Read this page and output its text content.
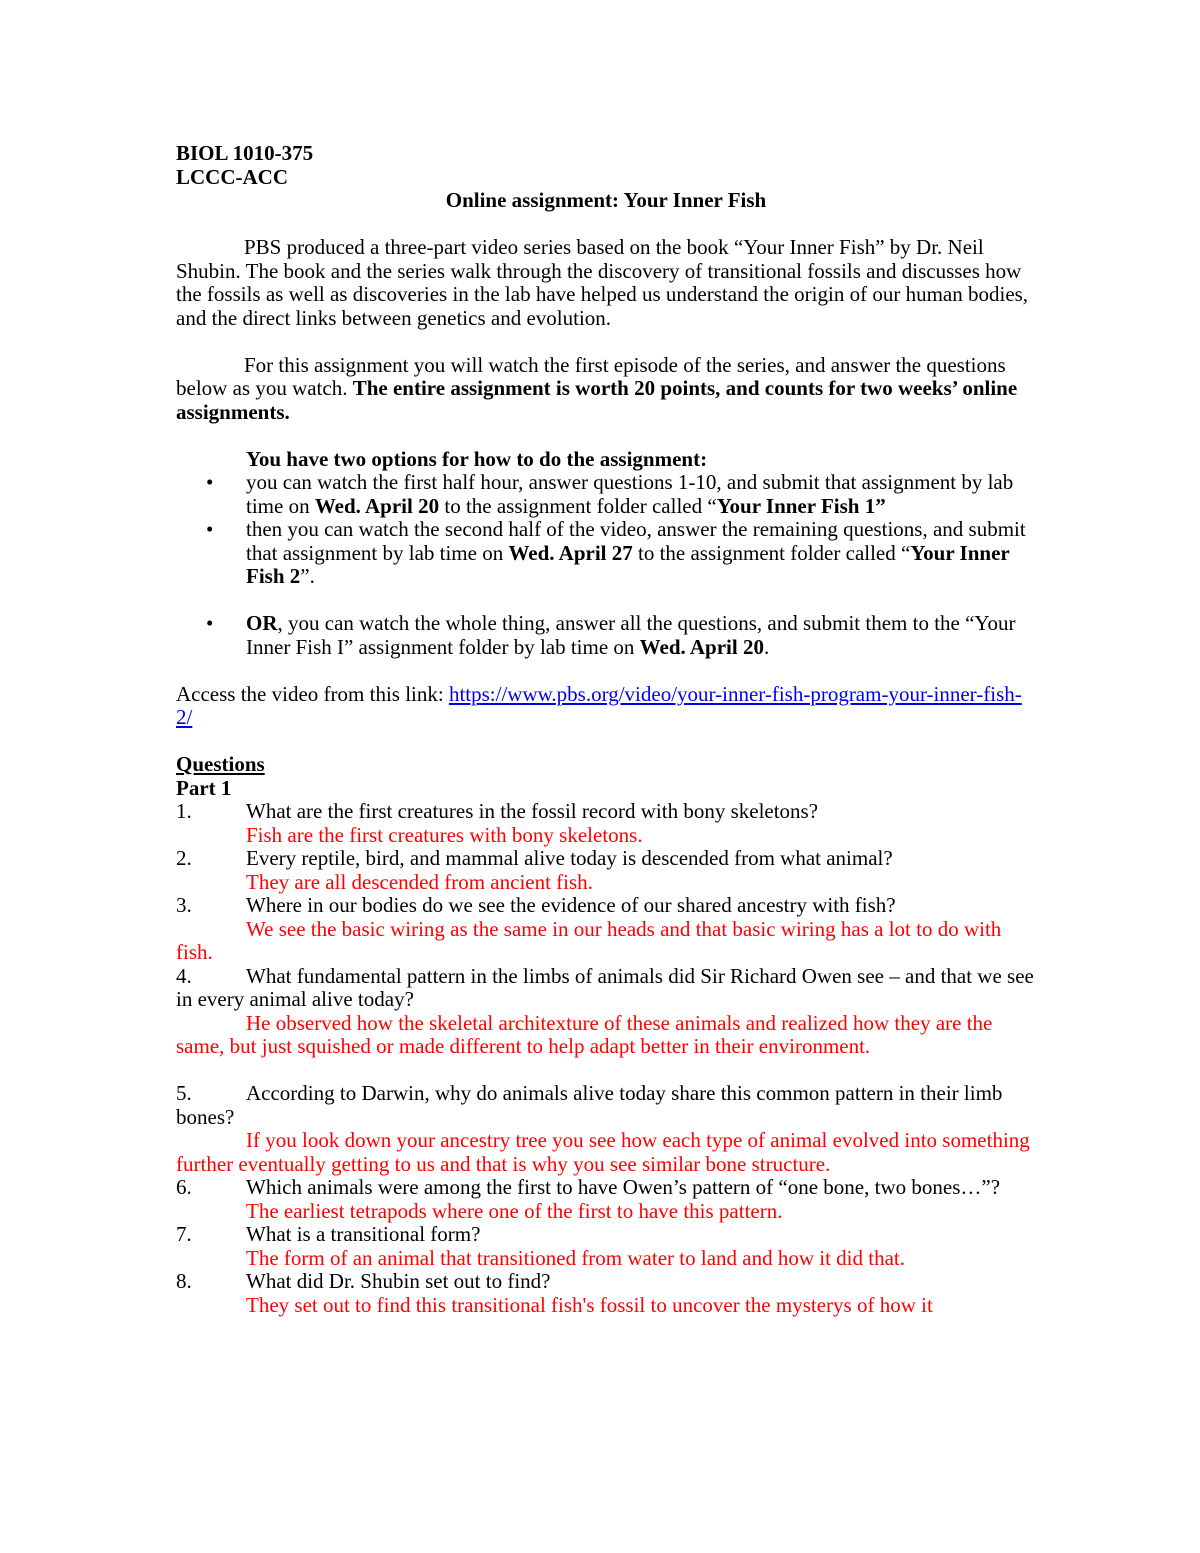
BIOL 1010-375

LCCC-ACC

Online assignment: Your Inner Fish

PBS produced a three-part video series based on the book “Your Inner Fish” by Dr. Neil Shubin. The book and the series walk through the discovery of transitional fossils and discusses how the fossils as well as discoveries in the lab have helped us understand the origin of our human bodies, and the direct links between genetics and evolution.

For this assignment you will watch the first episode of the series, and answer the questions below as you watch. The entire assignment is worth 20 points, and counts for two weeks’ online assignments.

You have two options for how to do the assignment:

• you can watch the first half hour, answer questions 1-10, and submit that assignment by lab time on Wed. April 20 to the assignment folder called “Your Inner Fish 1”
• then you can watch the second half of the video, answer the remaining questions, and submit that assignment by lab time on Wed. April 27 to the assignment folder called “Your Inner Fish 2”.
• OR, you can watch the whole thing, answer all the questions, and submit them to the “Your Inner Fish I” assignment folder by lab time on Wed. April 20.

Access the video from this link: https://www.pbs.org/video/your-inner-fish-program-your-inner-fish-2/

Questions

Part 1

1.	What are the first creatures in the fossil record with bony skeletons?
Fish are the first creatures with bony skeletons.
2.	Every reptile, bird, and mammal alive today is descended from what animal?
They are all descended from ancient fish.
3.	Where in our bodies do we see the evidence of our shared ancestry with fish?
We see the basic wiring as the same in our heads and that basic wiring has a lot to do with fish.
4.	What fundamental pattern in the limbs of animals did Sir Richard Owen see – and that we see      in every animal alive today?
He observed how the skeletal architexture of these animals and realized how they are the same, but just squished or made different to help adapt better in their environment.
5.	According to Darwin, why do animals alive today share this common pattern in their limb bones?
If you look down your ancestry tree you see how each type of animal evolved into something further eventually getting to us and that is why you see similar bone structure.
6.	Which animals were among the first to have Owen’s pattern of “one bone, two bones…”?
The earliest tetrapods where one of the first to have this pattern.
7.	What is a transitional form?
The form of an animal that transitioned from water to land and how it did that.
8.	What did Dr. Shubin set out to find?
They set out to find this transitional fish's fossil to uncover the mysterys of how it
